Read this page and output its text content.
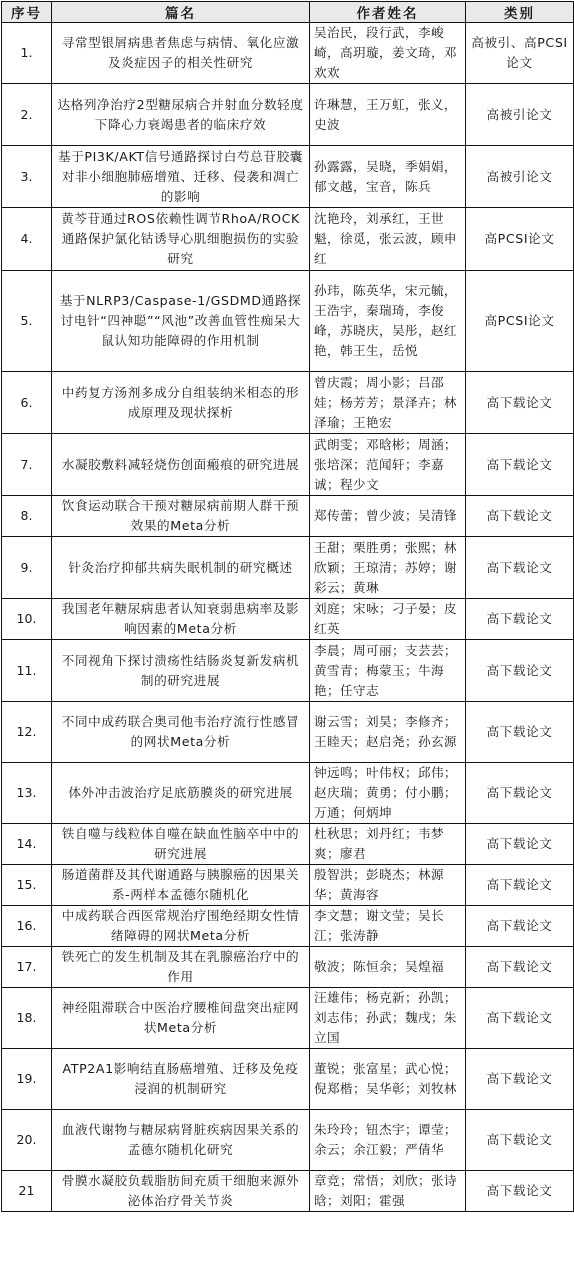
序号	篇名	作者姓名	类别
1.	寻常型银屑病患者焦虑与病情、氧化应激及炎症因子的相关性研究	吴治民，段行武，李峻崎，高玥璇，姜文琦，邓欢欢	高被引、高PCSI论文
2.	达格列净治疗2型糖尿病合并射血分数轻度下降心力衰竭患者的临床疗效	许琳慧，王万虹，张义，史波	高被引论文
3.	基于PI3K/AKT信号通路探讨白芍总苷胶囊对非小细胞肺癌增殖、迁移、侵袭和凋亡的影响	孙露露，吴晓，季娟娟，郁文越，宝音，陈兵	高被引论文
4.	黄芩苷通过ROS依赖性调节RhoA/ROCK通路保护氯化钴诱导心肌细胞损伤的实验研究	沈艳玲，刘承红，王世魁，徐觅，张云波，顾申红	高PCSI论文
5.	基于NLRP3/Caspase-1/GSDMD通路探讨电针“四神聪”“风池”改善血管性痴呆大鼠认知功能障碍的作用机制	孙玮，陈英华，宋元毓，王浩宇，秦瑞琦，李俊峰，苏晓庆，吴彤，赵红艳，韩王生，岳悦	高PCSI论文
6.	中药复方汤剂多成分自组装纳米相态的形成原理及现状探析	曾庆霞；周小影；吕邵娃；杨芳芳；景泽卉；林泽瑜；王艳宏	高下载论文
7.	水凝胶敷料减轻烧伤创面瘢痕的研究进展	武朗雯；邓晗彬；周涵；张培深；范闻轩；李嘉诚；程少文	高下载论文
8.	饮食运动联合干预对糖尿病前期人群干预效果的Meta分析	郑传蕾；曾少波；吴清锋	高下载论文
9.	针灸治疗抑郁共病失眠机制的研究概述	王甜；栗胜勇；张熙；林欣颖；王琼清；苏婷；谢彩云；黄琳	高下载论文
10.	我国老年糖尿病患者认知衰弱患病率及影响因素的Meta分析	刘庭；宋咏；刁子晏；皮红英	高下载论文
11.	不同视角下探讨溃疡性结肠炎复新发病机制的研究进展	李晨；周可丽；支芸芸；黄雪青；梅蒙玉；牛海艳；任守志	高下载论文
12.	不同中成药联合奥司他韦治疗流行性感冒的网状Meta分析	谢云雪；刘昊；李修齐；王睦天；赵启尧；孙玄源	高下载论文
13.	体外冲击波治疗足底筋膜炎的研究进展	钟远鸣；叶伟权；邱伟；赵庆瑞；黄勇；付小鹏；万通；何炳坤	高下载论文
14.	铁自噬与线粒体自噬在缺血性脑卒中中的研究进展	杜秋思；刘丹红；韦梦爽；廖君	高下载论文
15.	肠道菌群及其代谢通路与胰腺癌的因果关系-两样本孟德尔随机化	殷智洪；彭晓杰；林源华；黄海容	高下载论文
16.	中成药联合西医常规治疗围绝经期女性情绪障碍的网状Meta分析	李文慧；谢文莹；吴长江；张涛静	高下载论文
17.	铁死亡的发生机制及其在乳腺癌治疗中的作用	敬波；陈恒余；吴煌福	高下载论文
18.	神经阻滞联合中医治疗腰椎间盘突出症网状Meta分析	汪雄伟；杨克新；孙凯；刘志伟；孙武；魏戌；朱立国	高下载论文
19.	ATP2A1影响结直肠癌增殖、迁移及免疫浸润的机制研究	董锐；张富星；武心悦；倪郑楷；吴华彰；刘牧林	高下载论文
20.	血液代谢物与糖尿病肾脏疾病因果关系的孟德尔随机化研究	朱玲玲；钮杰宇；谭莹；余云；余江毅；严倩华	高下载论文
21	骨膜水凝胶负载脂肪间充质干细胞来源外泌体治疗骨关节炎	章竞；常悟；刘欣；张诗晗；刘阳；霍强	高下载论文
